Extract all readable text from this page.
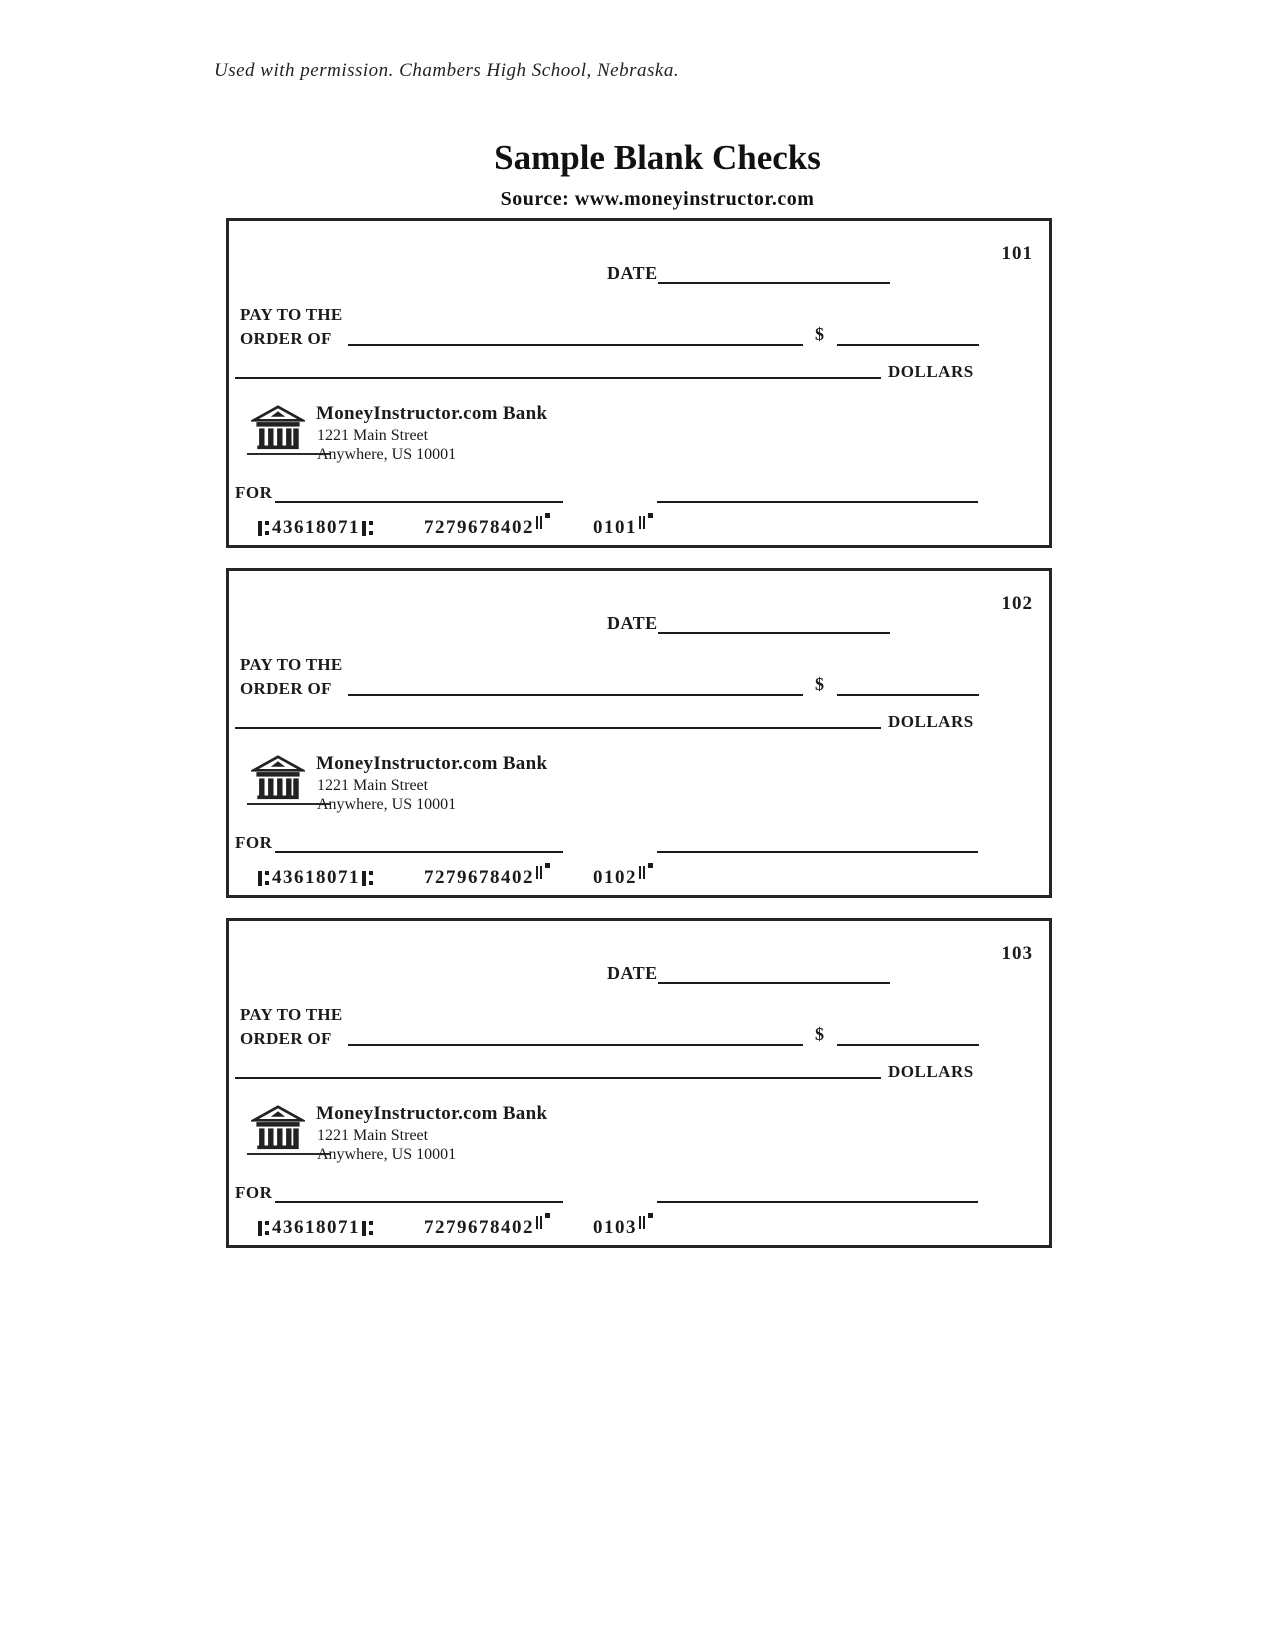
Used with permission. Chambers High School, Nebraska.
Sample Blank Checks
Source: www.moneyinstructor.com
101
DATE
PAY TO THE
ORDER OF	$
DOLLARS
MoneyInstructor.com Bank
1221 Main Street
Anywhere, US 10001
FOR
43618071	7279678402	0101
102
DATE
PAY TO THE
ORDER OF	$
DOLLARS
MoneyInstructor.com Bank
1221 Main Street
Anywhere, US 10001
FOR
43618071	7279678402	0102
103
DATE
PAY TO THE
ORDER OF	$
DOLLARS
MoneyInstructor.com Bank
1221 Main Street
Anywhere, US 10001
FOR
43618071	7279678402	0103
